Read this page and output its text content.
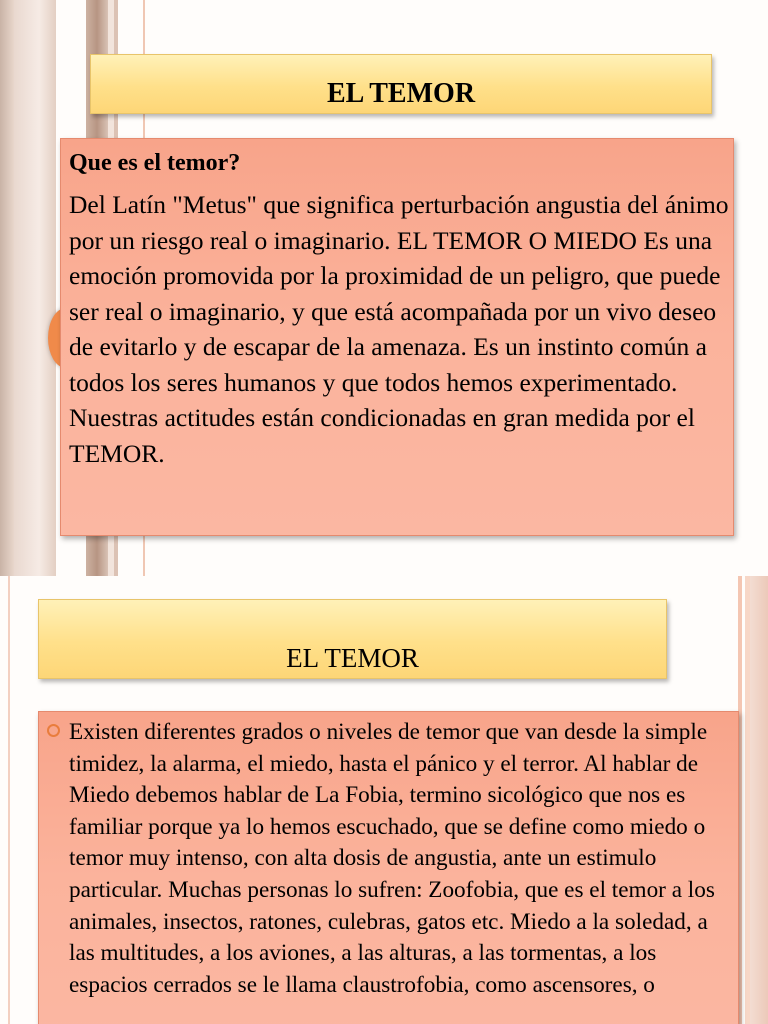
EL TEMOR
Que es el temor?
Del Latín "Metus" que significa perturbación angustia del ánimo por un riesgo real o imaginario. EL TEMOR O MIEDO Es una emoción promovida por la proximidad de un peligro, que puede ser real o imaginario, y que está acompañada por un vivo deseo de evitarlo y de escapar de la amenaza. Es un instinto común a todos los seres humanos y que todos hemos experimentado. Nuestras actitudes están condicionadas en gran medida por el TEMOR.
EL TEMOR
Existen diferentes grados o niveles de temor que van desde la simple timidez, la alarma, el miedo, hasta el pánico y el terror. Al hablar de Miedo debemos hablar de La Fobia, termino sicológico que nos es familiar porque ya lo hemos escuchado, que se define como miedo o temor muy intenso, con alta dosis de angustia, ante un estimulo particular. Muchas personas lo sufren: Zoofobia, que es el temor a los animales, insectos, ratones, culebras, gatos etc. Miedo a la soledad, a las multitudes, a los aviones, a las alturas, a las tormentas, a los espacios cerrados se le llama claustrofobia, como ascensores, o
